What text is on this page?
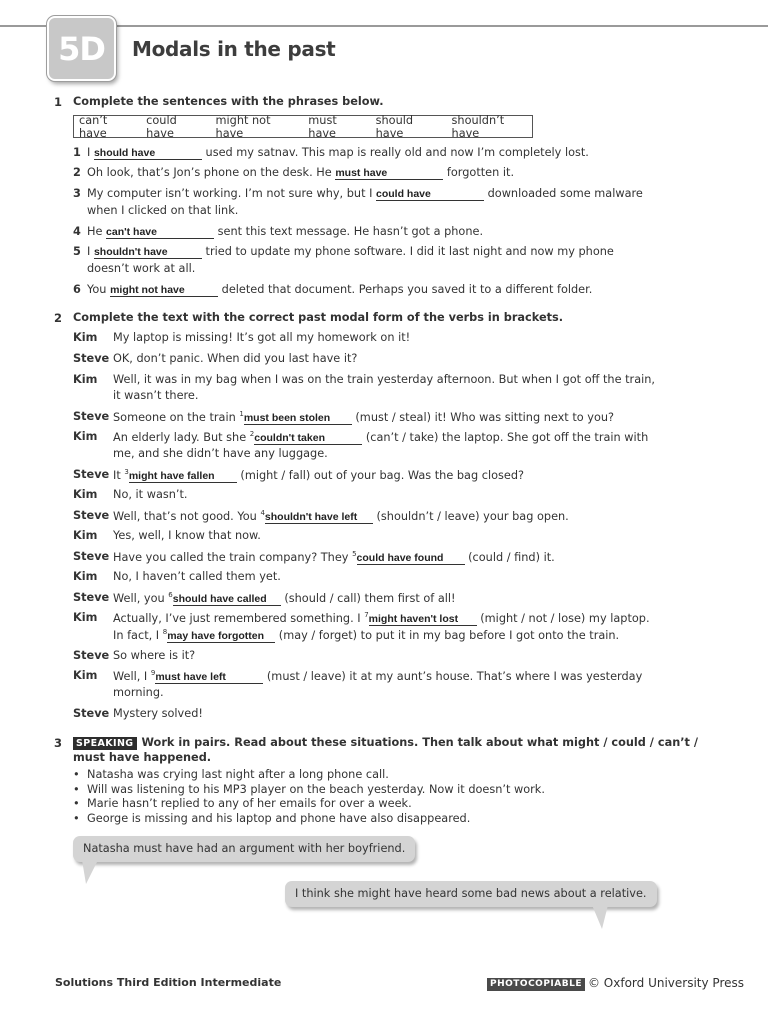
5D	Modals in the past
1 Complete the sentences with the phrases below.
can’t have
could have
might not have
must have
should have
shouldn’t have
1 I should have	used my satnav. This map is really old and now I’m completely lost.
2 Oh look, that’s Jon’s phone on the desk. He must have	forgotten it.
3 My computer isn’t working. I’m not sure why, but I could have	downloaded some malware
when I clicked on that link.
4 He can't have	sent this text message. He hasn’t got a phone.
5 I shouldn't have	tried to update my phone software. I did it last night and now my phone
doesn’t work at all.
6 You might not have	deleted that document. Perhaps you saved it to a different folder.
2 Complete the text with the correct past modal form of the verbs in brackets.
Kim	My laptop is missing! It’s got all my homework on it!
Steve OK, don’t panic. When did you last have it?
Kim	Well, it was in my bag when I was on the train yesterday afternoon. But when I got off the train,
it wasn’t there.
Steve Someone on the train $^1$must been stolen (must / steal) it! Who was sitting next to you?
Kim	An elderly lady. But she $^2$couldn't taken	(can’t / take) the laptop. She got off the train with
me, and she didn’t have any luggage.
Steve It $^3$might have fallen (might / fall) out of your bag. Was the bag closed?
Kim	No, it wasn’t.
Steve Well, that’s not good. You $^4$shouldn't have left (shouldn’t / leave) your bag open.
Kim	Yes, well, I know that now.
Steve Have you called the train company? They $^5$could have found (could / find) it.
Kim	No, I haven’t called them yet.
Steve Well, you $^6$should have called (should / call) them first of all!
Kim	Actually, I’ve just remembered something. I $^7$might haven't lost (might / not / lose) my laptop.
In fact, I $^8$may have forgotten (may / forget) to put it in my bag before I got onto the train.
Steve So where is it?
Kim	Well, I $^9$must have left	(must / leave) it at my aunt’s house. That’s where I was yesterday
morning.
Steve Mystery solved!
3	SPEAKING Work in pairs. Read about these situations. Then talk about what might / could / can’t /
must have happened.
• Natasha was crying last night after a long phone call.
• Will was listening to his MP3 player on the beach yesterday. Now it doesn’t work.
• Marie hasn’t replied to any of her emails for over a week.
• George is missing and his laptop and phone have also disappeared.
Natasha must have had an argument with her boyfriend.
I think she might have heard some bad news about a relative.
Solutions Third Edition Intermediate	PHOTOCOPIABLE © Oxford University Press
